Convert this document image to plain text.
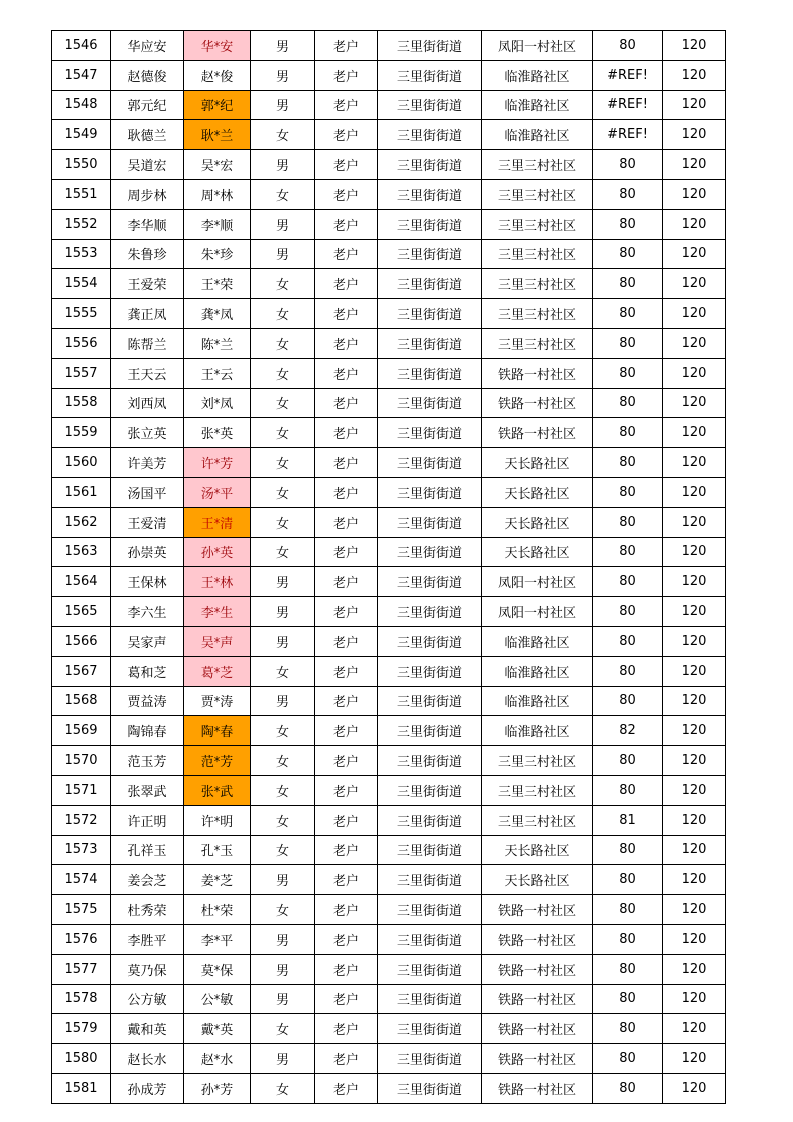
1546	华应安	华*安	男	老户	三里街街道	凤阳一村社区	80	120
1547	赵德俊	赵*俊	男	老户	三里街街道	临淮路社区	#REF!	120
1548	郭元纪	郭*纪	男	老户	三里街街道	临淮路社区	#REF!	120
1549	耿德兰	耿*兰	女	老户	三里街街道	临淮路社区	#REF!	120
1550	吴道宏	吴*宏	男	老户	三里街街道	三里三村社区	80	120
1551	周步林	周*林	女	老户	三里街街道	三里三村社区	80	120
1552	李华顺	李*顺	男	老户	三里街街道	三里三村社区	80	120
1553	朱鲁珍	朱*珍	男	老户	三里街街道	三里三村社区	80	120
1554	王爱荣	王*荣	女	老户	三里街街道	三里三村社区	80	120
1555	龚正凤	龚*凤	女	老户	三里街街道	三里三村社区	80	120
1556	陈帮兰	陈*兰	女	老户	三里街街道	三里三村社区	80	120
1557	王天云	王*云	女	老户	三里街街道	铁路一村社区	80	120
1558	刘西凤	刘*凤	女	老户	三里街街道	铁路一村社区	80	120
1559	张立英	张*英	女	老户	三里街街道	铁路一村社区	80	120
1560	许美芳	许*芳	女	老户	三里街街道	天长路社区	80	120
1561	汤国平	汤*平	女	老户	三里街街道	天长路社区	80	120
1562	王爱清	王*清	女	老户	三里街街道	天长路社区	80	120
1563	孙崇英	孙*英	女	老户	三里街街道	天长路社区	80	120
1564	王保林	王*林	男	老户	三里街街道	凤阳一村社区	80	120
1565	李六生	李*生	男	老户	三里街街道	凤阳一村社区	80	120
1566	吴家声	吴*声	男	老户	三里街街道	临淮路社区	80	120
1567	葛和芝	葛*芝	女	老户	三里街街道	临淮路社区	80	120
1568	贾益涛	贾*涛	男	老户	三里街街道	临淮路社区	80	120
1569	陶锦春	陶*春	女	老户	三里街街道	临淮路社区	82	120
1570	范玉芳	范*芳	女	老户	三里街街道	三里三村社区	80	120
1571	张翠武	张*武	女	老户	三里街街道	三里三村社区	80	120
1572	许正明	许*明	女	老户	三里街街道	三里三村社区	81	120
1573	孔祥玉	孔*玉	女	老户	三里街街道	天长路社区	80	120
1574	姜会芝	姜*芝	男	老户	三里街街道	天长路社区	80	120
1575	杜秀荣	杜*荣	女	老户	三里街街道	铁路一村社区	80	120
1576	李胜平	李*平	男	老户	三里街街道	铁路一村社区	80	120
1577	莫乃保	莫*保	男	老户	三里街街道	铁路一村社区	80	120
1578	公方敏	公*敏	男	老户	三里街街道	铁路一村社区	80	120
1579	戴和英	戴*英	女	老户	三里街街道	铁路一村社区	80	120
1580	赵长水	赵*水	男	老户	三里街街道	铁路一村社区	80	120
1581	孙成芳	孙*芳	女	老户	三里街街道	铁路一村社区	80	120
